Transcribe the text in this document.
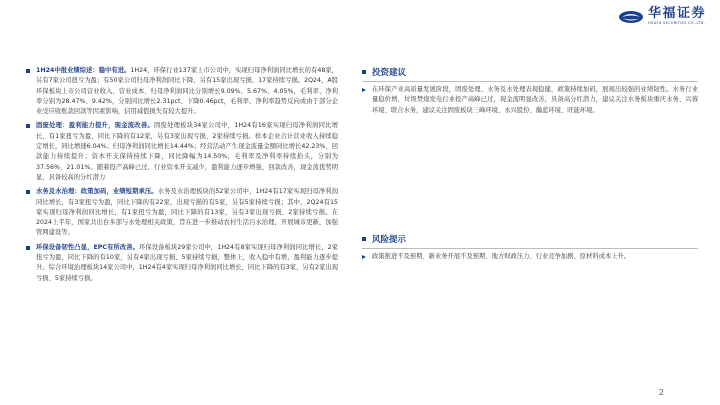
华福证券
HUAFU SECURITIES CO.,LTD.

1H24中报业绩综述：稳中有进。1H24，环保行业137家上市公司中，实现归母净利润同比增长的有48家，另有7家公司扭亏为盈；有50家公司归母净利润同比下降，另有15家出现亏损、17家持续亏损。2Q24，A股环保板块上市公司营业收入、营业成本、归母净利润同比分别增长9.09%、5.67%、4.05%，毛利率、净利率分别为28.47%、9.42%，分别同比增长2.31pct、下降0.46pct，毛利率、净利率趋势反向或由于部分企业受应收账款回款等因素影响，信用减值损失有较大提升。

固废处理：盈利能力提升，现金流改善。固废处理板块34家公司中，1H24有16家实现归母净利润同比增长，有1家扭亏为盈，同比下降的有12家，另有3家出现亏损、2家持续亏损。样本企业合计营业收入持续稳定增长，同比增速6.04%；归母净利润同比增长14.44%；经营活动产生现金流量金额同比增长42.23%，回款能力持续提升；资本开支保持持续下降，同比降幅为14.50%；毛利率及净利率持续抬头，分别为37.56%、21.01%。随着投产高峰已过，行业资本开支减少，盈利能力逐步增强，回款改善，现金流优势明显，具备较高的分红潜力

水务及水治理：政策加码，业绩短期承压。水务及水治理板块的52家公司中，1H24有17家实现归母净利润同比增长，有3家扭亏为盈，同比下降的有22家，出现亏损的有5家，另有5家持续亏损；其中，2Q24有15家实现归母净利润同比增长，有1家扭亏为盈，同比下降的有13家，另有3家出现亏损、2家持续亏损。在2024上半年，国家共出台多部与水处理相关政策，旨在进一步推动农村生活污水治理，开展城市更新，加强管网建设等。

环保设备韧性凸显，EPC有所改善。环保设备板块29家公司中，1H24有8家实现归母净利润同比增长，2家扭亏为盈，同比下降的有10家，另有4家出现亏损、5家持续亏损，整体上，收入稳中有增，盈利能力逐步提升。综合环境治理板块14家公司中，1H24有4家实现归母净利润同比增长，同比下降的有3家，另有2家出现亏损、5家持续亏损。

投资建议

在环保产业高质量发展阶段，固废处理、水务及水处理表现稳健，政策持续加码，展现出较强的业绩韧性。水务行业量稳价增，垃圾焚烧发电行业投产高峰已过，现金流明显改善，具备高分红潜力，建议关注水务板块重庆水务、兴蓉环境、联合水务，建议关注固废板块三峰环境、永兴股份、瀚蓝环境、旺能环境。

风险提示

政策推进不及预期、新业务开展不及预期、地方财政压力、行业竞争加剧、原材料成本上升。

2
